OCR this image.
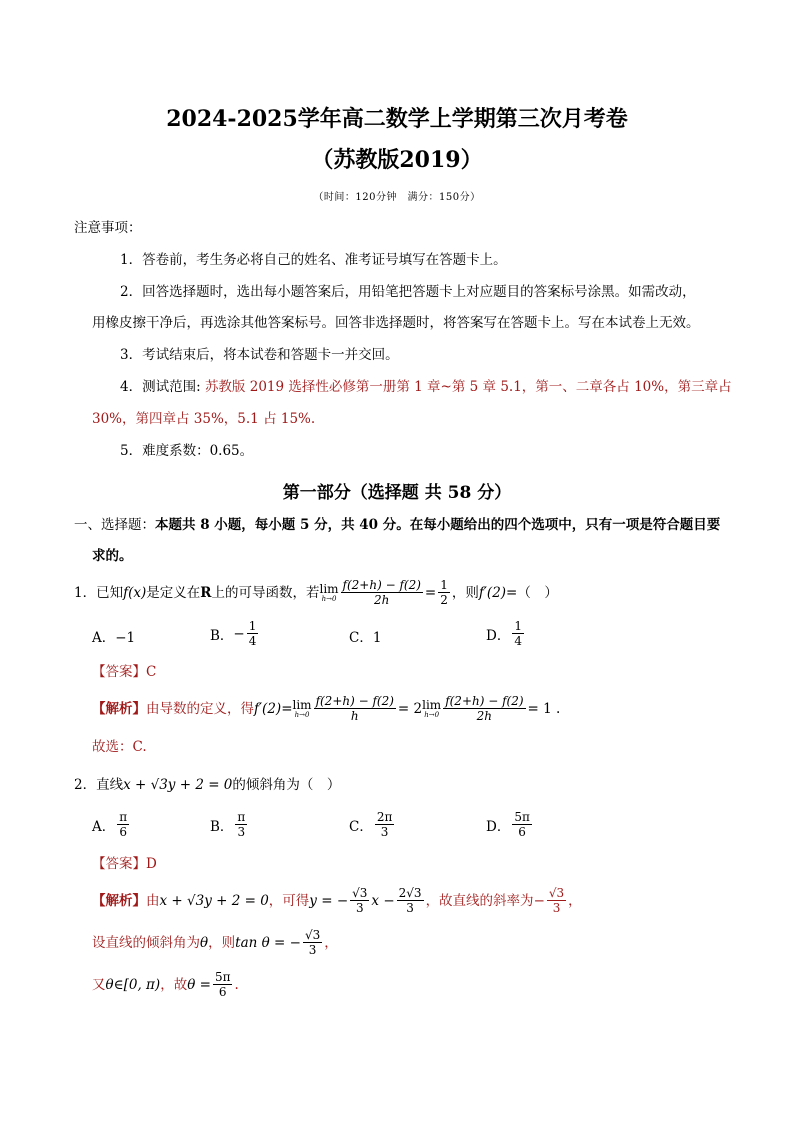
2024-2025学年高二数学上学期第三次月考卷
（苏教版2019）
（时间：120分钟　满分：150分）
注意事项：
1．答卷前，考生务必将自己的姓名、准考证号填写在答题卡上。
2．回答选择题时，选出每小题答案后，用铅笔把答题卡上对应题目的答案标号涂黑。如需改动，
用橡皮擦干净后，再选涂其他答案标号。回答非选择题时，将答案写在答题卡上。写在本试卷上无效。
3．考试结束后，将本试卷和答题卡一并交回。
4．测试范围: 苏教版 2019 选择性必修第一册第 1 章~第 5 章 5.1，第一、二章各占 10%，第三章占
30%，第四章占 35%，5.1 占 15%.
5．难度系数：0.65。
第一部分（选择题 共 58 分）
一、选择题：本题共 8 小题，每小题 5 分，共 40 分。在每小题给出的四个选项中，只有一项是符合题目要
求的。
1．已知 f(x) 是定义在 R 上的可导函数，若 lim
$h\to 0 \frac{f(2+h) - f(2)}{2h} = \frac{1}{2}$ ，则 f′(2) =（　）
A．−1	B． − $\frac{1}{4}$	C．1	D． $\frac{1}{4}$
【答案】C
【解析】 由导数的定义，得 f′(2) = lim
$h\to 0 \frac{f(2+h) - f(2)}{h} = 2$ lim
$h\to 0 \frac{f(2+h) - f(2)}{2h} = 1$ .
故选：C.
2．直线x + √3y + 2 = 0的倾斜角为（　）
A． $\frac{\pi}{6}$	B． $\frac{\pi}{3}$	C． $\frac{2\pi}{3}$	D． $\frac{5\pi}{6}$
【答案】D
【解析】 由 x + √3y + 2 = 0 ，可得 y = − $\frac{√3}{3}$ $x - \frac{2√3}{3}$ ，故直线的斜率为 − $\frac{√3}{3}$ ，
设直线的倾斜角为 θ ，则 tan θ = − $\frac{√3}{3}$ ，
又 θ∈[0, π) ，故 $\theta = \frac{5\pi}{6}$ .
